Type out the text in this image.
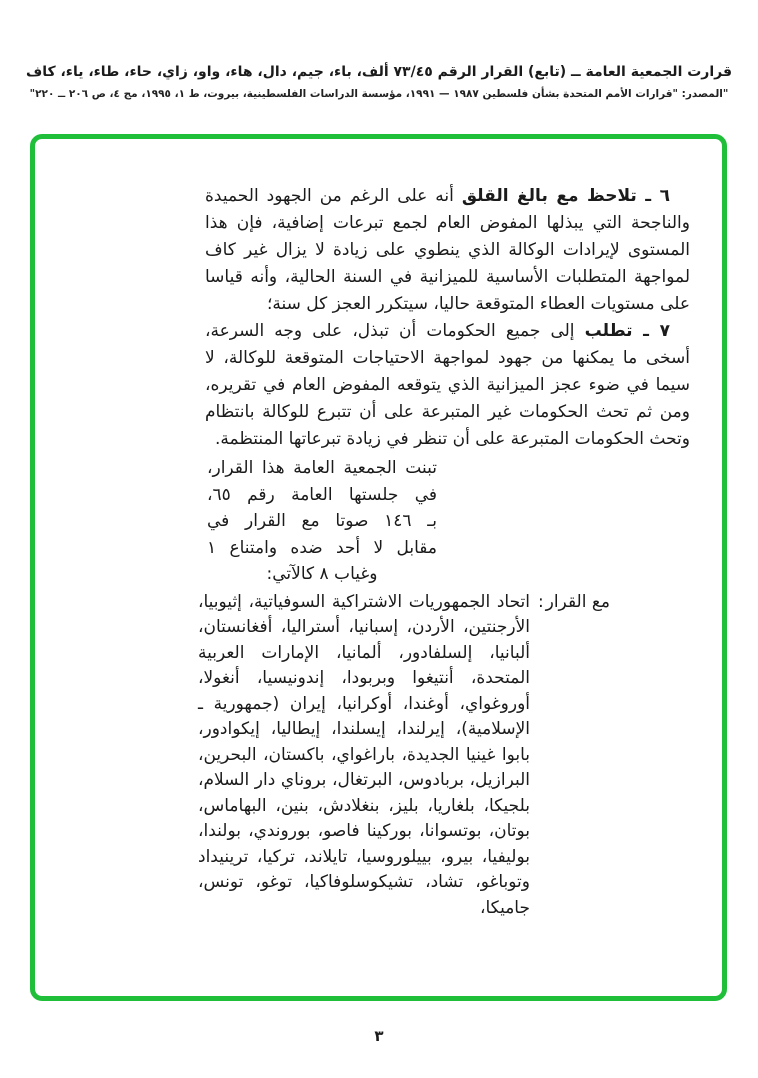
قرارت الجمعية العامة ــ (تابع) القرار الرقم ٧٣/٤٥ ألف، باء، جيم، دال، هاء، واو، زاي، حاء، طاء، ياء، كاف
"المصدر: "قرارات الأمم المتحدة بشأن فلسطين ١٩٨٧ — ١٩٩١، مؤسسة الدراسات الفلسطينية، بيروت، ط ١، ١٩٩٥، مج ٤، ص ٢٠٦ ــ ٢٢٠"

٦ ـ تلاحظ مع بالغ القلق أنه على الرغم من الجهود الحميدة والناجحة التي يبذلها المفوض العام لجمع تبرعات إضافية، فإن هذا المستوى لإيرادات الوكالة الذي ينطوي على زيادة لا يزال غير كاف لمواجهة المتطلبات الأساسية للميزانية في السنة الحالية، وأنه قياسا على مستويات العطاء المتوقعة حاليا، سيتكرر العجز كل سنة؛

٧ ـ تطلب إلى جميع الحكومات أن تبذل، على وجه السرعة، أسخى ما يمكنها من جهود لمواجهة الاحتياجات المتوقعة للوكالة، لا سيما في ضوء عجز الميزانية الذي يتوقعه المفوض العام في تقريره، ومن ثم تحث الحكومات غير المتبرعة على أن تتبرع للوكالة بانتظام وتحث الحكومات المتبرعة على أن تنظر في زيادة تبرعاتها المنتظمة.

تبنت الجمعية العامة هذا القرار،
في جلستها العامة رقم ٦٥،
بـ ١٤٦ صوتا مع القرار في
مقابل لا أحد ضده وامتناع ١
وغياب ٨ كالآتي:
مع القرار
:
اتحاد الجمهوريات الاشتراكية السوفياتية، إثيوبيا، الأرجنتين، الأردن، إسبانيا، أستراليا، أفغانستان، ألبانيا، إلسلفادور، ألمانيا، الإمارات العربية المتحدة، أنتيغوا وبربودا، إندونيسيا، أنغولا، أوروغواي، أوغندا، أوكرانيا، إيران (جمهورية ـ الإسلامية)، إيرلندا، إيسلندا، إيطاليا، إيكوادور، بابوا غينيا الجديدة، باراغواي، باكستان، البحرين، البرازيل، بربادوس، البرتغال، بروناي دار السلام، بلجيكا، بلغاريا، بليز، بنغلادش، بنين، البهاماس، بوتان، بوتسوانا، بوركينا فاصو، بوروندي، بولندا، بوليفيا، بيرو، بييلوروسيا، تايلاند، تركيا، ترينيداد وتوباغو، تشاد، تشيكوسلوفاكيا، توغو، تونس، جاميكا،
٣
